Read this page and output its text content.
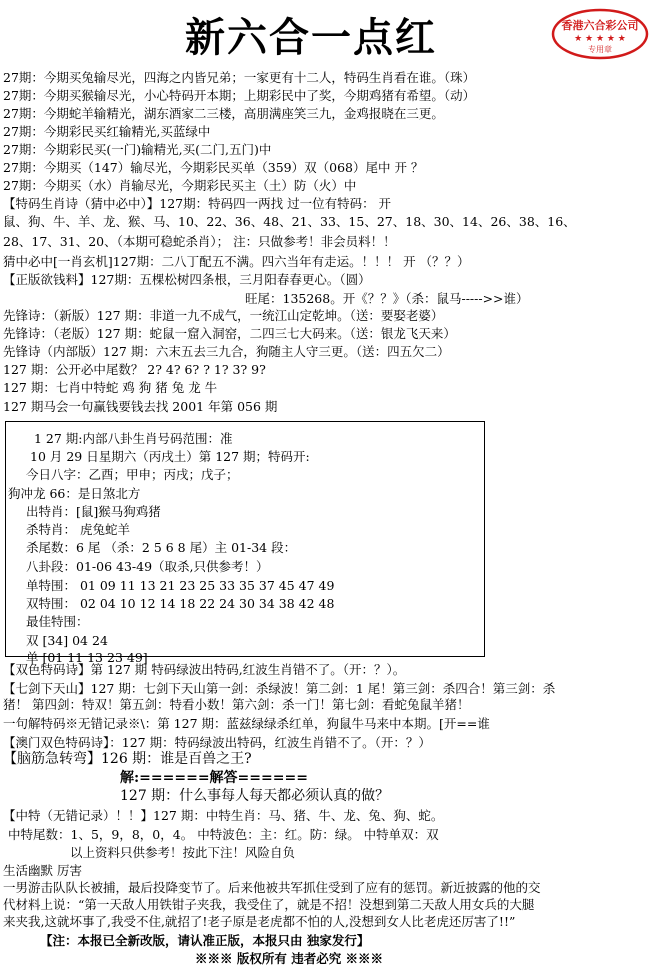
新六合一点红	香港六合彩公司
★ ★ ★ ★ ★
专用章
27期：今期买兔输尽光，四海之内皆兄弟；一家更有十二人，特码生肖看在谁。（珠）
27期：今期买猴输尽光，小心特码开本期；上期彩民中了奖，今期鸡猪有希望。（动）
27期：今期蛇羊输精光，湖东酒家二三楼，高朋满座笑三九，金鸡报晓在三更。
27期：今期彩民买红输精光,买蓝绿中
27期：今期彩民买(一门)输精光,买(二门,五门)中
27期：今期买（147）输尽光，今期彩民买单（359）双（068）尾中 开 ？
27期：今期买（水）肖输尽光，今期彩民买主（土）防（火）中
【特码生肖诗（猜中必中）】127期：特码四一两找 过一位有特码： 开
鼠、狗、牛、羊、龙、猴、马、10、22、36、48、21、33、15、27、18、30、14、26、38、16、
28、17、31、20、（本期可稳蛇杀肖）； 注：只做参考！非会员料！！
猜中必中[一肖玄机]127期：二八丁配五不满。四六当年有走运。！！！ 开 （？？）
【正版欲钱料】127期：五棵松树四条根，三月阳春春更心。（圆）
旺尾：135268。开《？？》（杀：鼠马----->>谁）
先锋诗：（新版）127 期：非道一九不成气，一统江山定乾坤。（送：要娶老婆）
先锋诗：（老版）127 期：蛇鼠一窟入洞窑，二四三七大码来。（送：银龙飞天来）
先锋诗（内部版）127 期：六末五去三九合，狗随主人守三更。（送：四五欠二）
127 期：公开必中尾数？ 2? 4? 6? ? 1? 3? 9?
127 期：七肖中特蛇 鸡 狗 猪 兔 龙 牛
127 期马会一句赢钱要钱去找 2001 年第 056 期
1 27 期:内部八卦生肖号码范围：准
10 月 29 日星期六（丙戌土）第 127 期；特码开:
今日八字：乙酉；甲申；丙戌；戊子；
狗冲龙 66：是日煞北方
出特肖：[鼠]猴马狗鸡猪
杀特肖： 虎兔蛇羊
杀尾数：6 尾 （杀：2 5 6 8 尾）主 01-34 段：
八卦段：01-06 43-49（取杀,只供参考！）
单特围： 01 09 11 13 21 23 25 33 35 37 45 47 49
双特围： 02 04 10 12 14 18 22 24 30 34 38 42 48
最佳特围：
双 [34] 04 24
单 [01 11 13 23 49]
【双色特码诗】第 127 期 特码绿波出特码,红波生肖错不了。（开：？）。
【七剑下天山】127 期：七剑下天山第一剑：杀绿波！第二剑：1 尾！第三剑：杀四合！第三剑：杀
猪！ 第四剑：特双！第五剑：特看小数！第六剑：杀一门！第七剑：看蛇兔鼠羊猪！
一句解特码※无错记录※\：第 127 期：蓝兹绿绿杀红单，狗鼠牛马来中本期。[开==谁
【澳门双色特码诗】：127 期：特码绿波出特码，红波生肖错不了。（开：？）
【脑筋急转弯】126 期：谁是百兽之王?
解:======解答======
127 期：什么事每人每天都必须认真的做？
【中特（无错记录）！！】127 期：中特生肖：马、猪、牛、龙、兔、狗、蛇。
中特尾数：1、5，9，8，0，4。 中特波色：主：红。防：绿。 中特单双：双
以上资料只供参考！按此下注！风险自负
生活幽默 厉害
一男游击队队长被捕，最后投降变节了。后来他被共军抓住受到了应有的惩罚。新近披露的他的交
代材料上说：“第一天敌人用铁钳子夹我，我受住了，就是不招！没想到第二天敌人用女兵的大腿
来夹我,这就坏事了,我受不住,就招了!老子原是老虎都不怕的人,没想到女人比老虎还厉害了!!”
【注：本报已全新改版，请认准正版，本报只由 独家发行】
※※※ 版权所有 违者必究 ※※※
